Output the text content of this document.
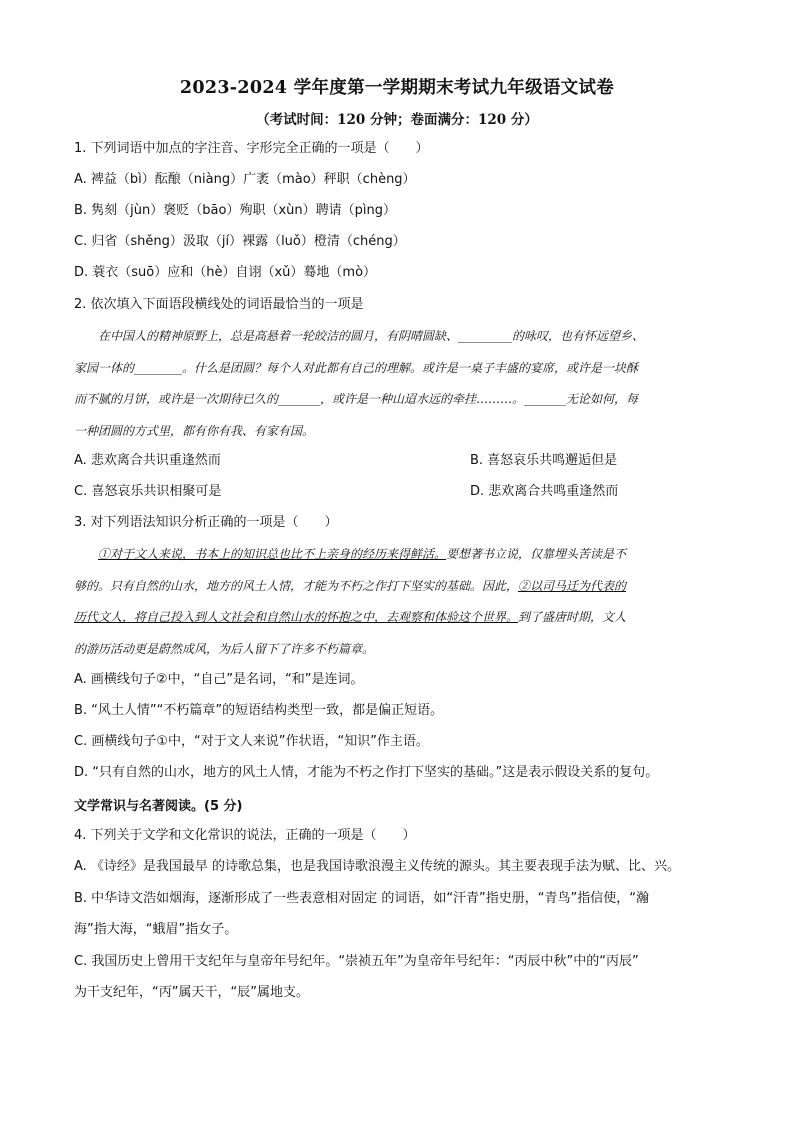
2023-2024 学年度第一学期期末考试九年级语文试卷
（考试时间：120 分钟；卷面满分：120 分）
1. 下列词语中加点的字注音、字形完全正确的一项是（　　）
A. 裨益（bì）酝酿（niàng）广袤（mào）秤职（chèng）
B. 隽刻（jùn）褒贬（bāo）殉职（xùn）聘请（pìng）
C. 归省（shěng）汲取（jí）裸露（luǒ）橙清（chéng）
D. 蓑衣（suō）应和（hè）自诩（xǔ）蓦地（mò）
2. 依次填入下面语段横线处的词语最恰当的一项是
在中国人的精神原野上，总是高悬着一轮皎洁的圆月，有阴晴圆缺、_________的咏叹，也有怀远望乡、
家园一体的________。什么是团圆？每个人对此都有自己的理解。或许是一桌子丰盛的宴席，或许是一块酥
而不腻的月饼，或许是一次期待已久的_______，或许是一种山迢水远的牵挂………。_______无论如何，每
一种团圆的方式里，都有你有我、有家有国。
A. 悲欢离合共识重逢然而	B. 喜怒哀乐共鸣邂逅但是
C. 喜怒哀乐共识相聚可是	D. 悲欢离合共鸣重逢然而
3. 对下列语法知识分析正确的一项是（　　）
①对于文人来说，书本上的知识总也比不上亲身的经历来得鲜活。要想著书立说，仅靠埋头苦读是不
够的。只有自然的山水，地方的风土人情，才能为不朽之作打下坚实的基础。因此，②以司马迁为代表的
历代文人，将自己投入到人文社会和自然山水的怀抱之中，去观察和体验这个世界。到了盛唐时期，文人
的游历活动更是蔚然成风，为后人留下了许多不朽篇章。
A. 画横线句子②中，“自己”是名词，“和”是连词。
B. “风土人情”“不朽篇章”的短语结构类型一致，都是偏正短语。
C. 画横线句子①中，“对于文人来说”作状语，“知识”作主语。
D. “只有自然的山水，地方的风土人情，才能为不朽之作打下坚实的基础。”这是表示假设关系的复句。
文学常识与名著阅读。(5 分)
4. 下列关于文学和文化常识的说法，正确的一项是（　　）
A. 《诗经》是我国最早 的诗歌总集，也是我国诗歌浪漫主义传统的源头。其主要表现手法为赋、比、兴。
B. 中华诗文浩如烟海，逐渐形成了一些表意相对固定 的词语，如“汗青”指史册，“青鸟”指信使，“瀚
海”指大海，“蛾眉”指女子。
C. 我国历史上曾用干支纪年与皇帝年号纪年。“崇祯五年”为皇帝年号纪年：“丙辰中秋”中的“丙辰”
为干支纪年，“丙”属天干，“辰”属地支。
